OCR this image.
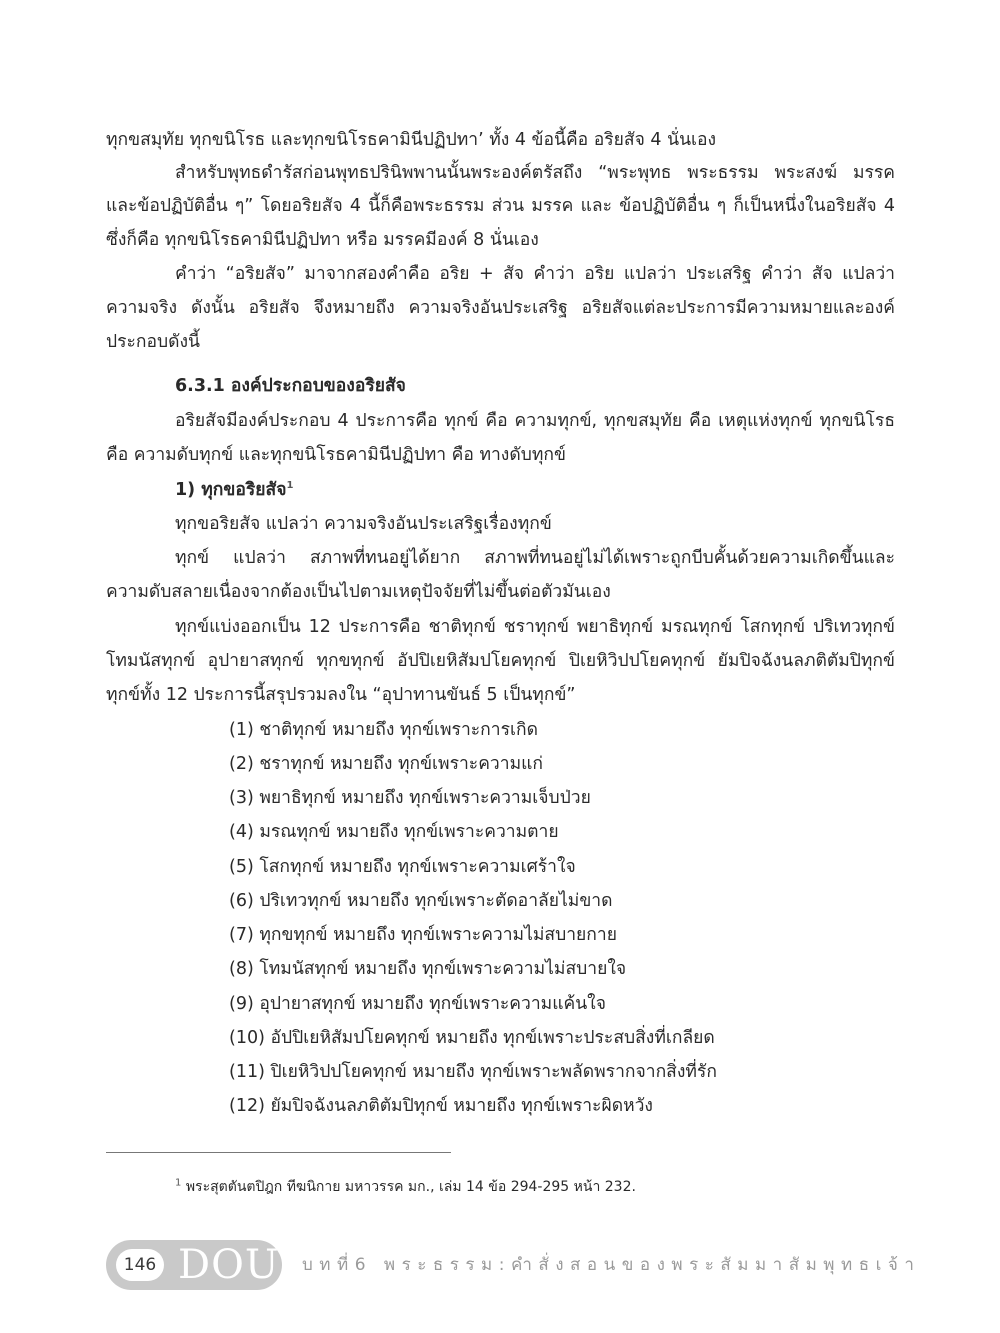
ทุกขสมุทัย ทุกขนิโรธ และทุกขนิโรธคามินีปฏิปทา’ ทั้ง 4 ข้อนี้คือ อริยสัจ 4 นั่นเอง
สำหรับพุทธดำรัสก่อนพุทธปรินิพพานนั้นพระองค์ตรัสถึง “พระพุทธ พระธรรม พระสงฆ์ มรรค
และข้อปฏิบัติอื่น ๆ” โดยอริยสัจ 4 นี้ก็คือพระธรรม ส่วน มรรค และ ข้อปฏิบัติอื่น ๆ ก็เป็นหนึ่งในอริยสัจ 4
ซึ่งก็คือ ทุกขนิโรธคามินีปฏิปทา หรือ มรรคมีองค์ 8 นั่นเอง
คำว่า “อริยสัจ” มาจากสองคำคือ อริย + สัจ คำว่า อริย แปลว่า ประเสริฐ คำว่า สัจ แปลว่า
ความจริง ดังนั้น อริยสัจ จึงหมายถึง ความจริงอันประเสริฐ อริยสัจแต่ละประการมีความหมายและองค์
ประกอบดังนี้
6.3.1 องค์ประกอบของอริยสัจ
อริยสัจมีองค์ประกอบ 4 ประการคือ ทุกข์ คือ ความทุกข์, ทุกขสมุทัย คือ เหตุแห่งทุกข์ ทุกขนิโรธ
คือ ความดับทุกข์ และทุกขนิโรธคามินีปฏิปทา คือ ทางดับทุกข์
1) ทุกขอริยสัจ$^1$
ทุกขอริยสัจ แปลว่า ความจริงอันประเสริฐเรื่องทุกข์
ทุกข์ แปลว่า สภาพที่ทนอยู่ได้ยาก สภาพที่ทนอยู่ไม่ได้เพราะถูกบีบคั้นด้วยความเกิดขึ้นและ
ความดับสลายเนื่องจากต้องเป็นไปตามเหตุปัจจัยที่ไม่ขึ้นต่อตัวมันเอง
ทุกข์แบ่งออกเป็น 12 ประการคือ ชาติทุกข์ ชราทุกข์ พยาธิทุกข์ มรณทุกข์ โสกทุกข์ ปริเทวทุกข์
โทมนัสทุกข์ อุปายาสทุกข์ ทุกขทุกข์ อัปปิเยหิสัมปโยคทุกข์ ปิเยหิวิปปโยคทุกข์ ยัมปิจฉังนลภติตัมปิทุกข์
ทุกข์ทั้ง 12 ประการนี้สรุปรวมลงใน “อุปาทานขันธ์ 5 เป็นทุกข์”
(1) ชาติทุกข์ หมายถึง ทุกข์เพราะการเกิด
(2) ชราทุกข์ หมายถึง ทุกข์เพราะความแก่
(3) พยาธิทุกข์ หมายถึง ทุกข์เพราะความเจ็บป่วย
(4) มรณทุกข์ หมายถึง ทุกข์เพราะความตาย
(5) โสกทุกข์ หมายถึง ทุกข์เพราะความเศร้าใจ
(6) ปริเทวทุกข์ หมายถึง ทุกข์เพราะตัดอาลัยไม่ขาด
(7) ทุกขทุกข์ หมายถึง ทุกข์เพราะความไม่สบายกาย
(8) โทมนัสทุกข์ หมายถึง ทุกข์เพราะความไม่สบายใจ
(9) อุปายาสทุกข์ หมายถึง ทุกข์เพราะความแค้นใจ
(10) อัปปิเยหิสัมปโยคทุกข์ หมายถึง ทุกข์เพราะประสบสิ่งที่เกลียด
(11) ปิเยหิวิปปโยคทุกข์ หมายถึง ทุกข์เพราะพลัดพรากจากสิ่งที่รัก
(12) ยัมปิจฉังนลภติตัมปิทุกข์ หมายถึง ทุกข์เพราะผิดหวัง
$^1$ พระสุตตันตปิฎก ทีฆนิกาย มหาวรรค มก., เล่ม 14 ข้อ 294-295 หน้า 232.
146 DOU บทที่6 พระธรรม:คำสั่งสอนของพระสัมมาสัมพุทธเจ้า
